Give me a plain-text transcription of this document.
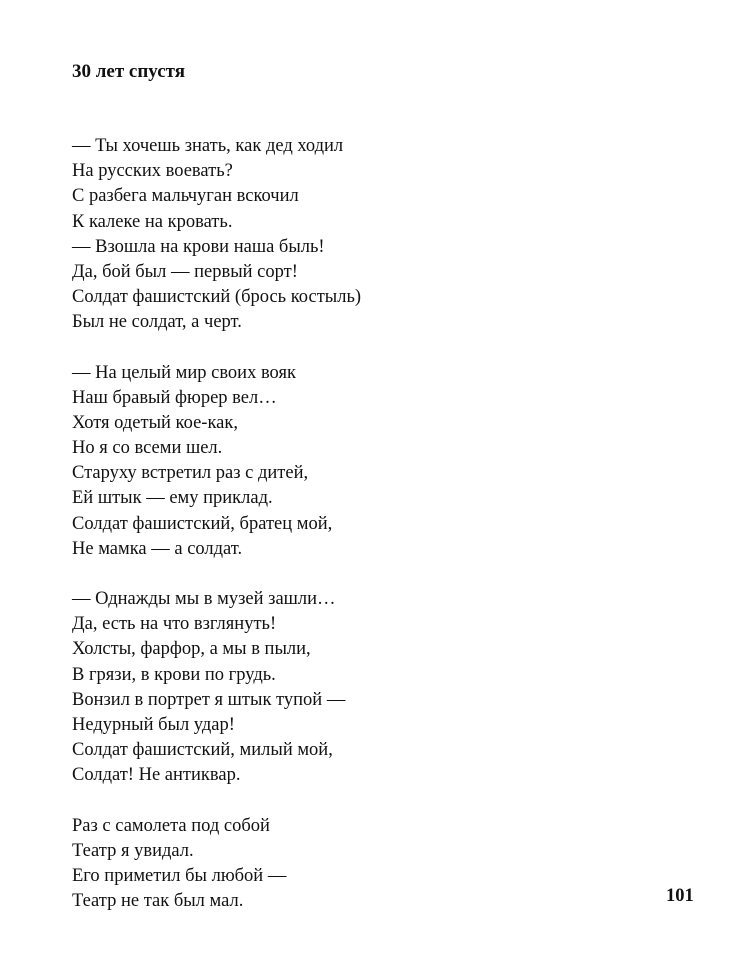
30 лет спустя
— Ты хочешь знать, как дед ходил
На русских воевать?
С разбега мальчуган вскочил
К калеке на кровать.
— Взошла на крови наша быль!
Да, бой был — первый сорт!
Солдат фашистский (брось костыль)
Был не солдат, а черт.
— На целый мир своих вояк
Наш бравый фюрер вел…
Хотя одетый кое-как,
Но я со всеми шел.
Старуху встретил раз с дитей,
Ей штык — ему приклад.
Солдат фашистский, братец мой,
Не мамка — а солдат.
— Однажды мы в музей зашли…
Да, есть на что взглянуть!
Холсты, фарфор, а мы в пыли,
В грязи, в крови по грудь.
Вонзил в портрет я штык тупой —
Недурный был удар!
Солдат фашистский, милый мой,
Солдат! Не антиквар.
Раз с самолета под собой
Театр я увидал.
Его приметил бы любой —
Театр не так был мал.	101
